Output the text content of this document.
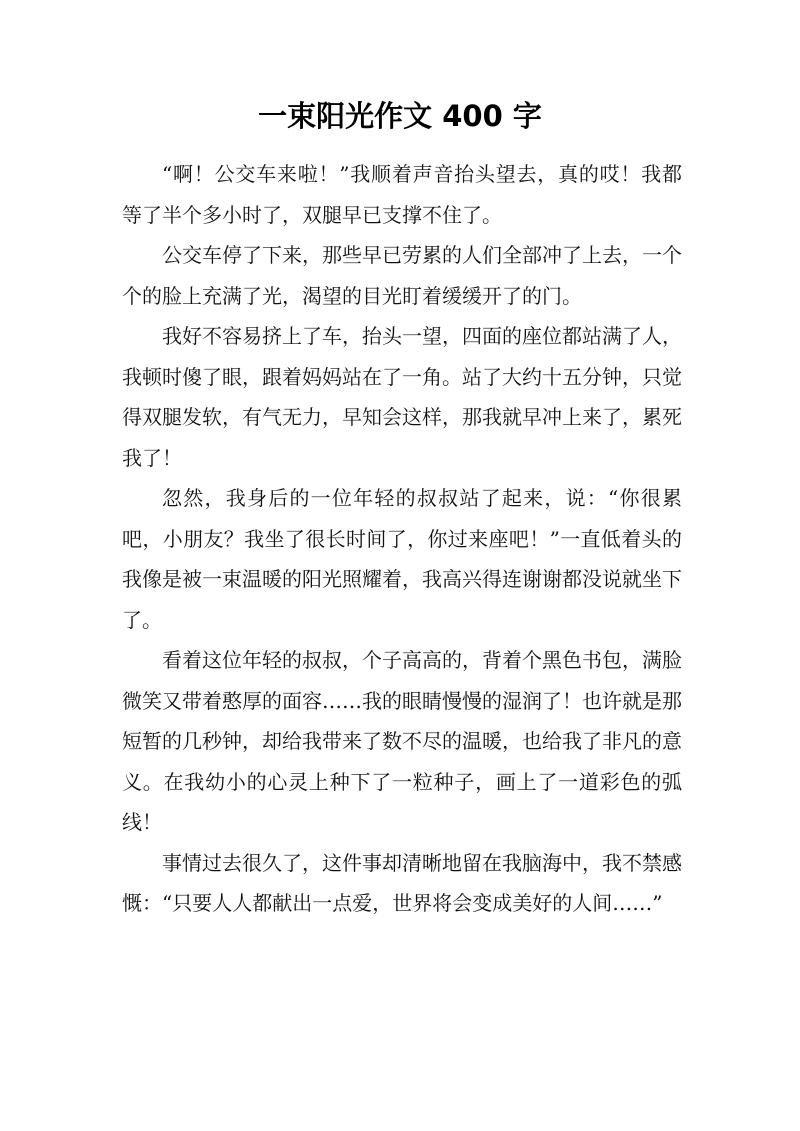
一束阳光作文 400 字

“啊！公交车来啦！”我顺着声音抬头望去，真的哎！我都等了半个多小时了，双腿早已支撑不住了。

公交车停了下来，那些早已劳累的人们全部冲了上去，一个个的脸上充满了光，渴望的目光盯着缓缓开了的门。

我好不容易挤上了车，抬头一望，四面的座位都站满了人，我顿时傻了眼，跟着妈妈站在了一角。站了大约十五分钟，只觉得双腿发软，有气无力，早知会这样，那我就早冲上来了，累死我了！

忽然，我身后的一位年轻的叔叔站了起来，说：“你很累吧，小朋友？我坐了很长时间了，你过来座吧！”一直低着头的我像是被一束温暖的阳光照耀着，我高兴得连谢谢都没说就坐下了。

看着这位年轻的叔叔，个子高高的，背着个黑色书包，满脸微笑又带着憨厚的面容……我的眼睛慢慢的湿润了！也许就是那短暂的几秒钟，却给我带来了数不尽的温暖，也给我了非凡的意义。在我幼小的心灵上种下了一粒种子，画上了一道彩色的弧线！

事情过去很久了，这件事却清晰地留在我脑海中，我不禁感慨：“只要人人都献出一点爱，世界将会变成美好的人间……”
